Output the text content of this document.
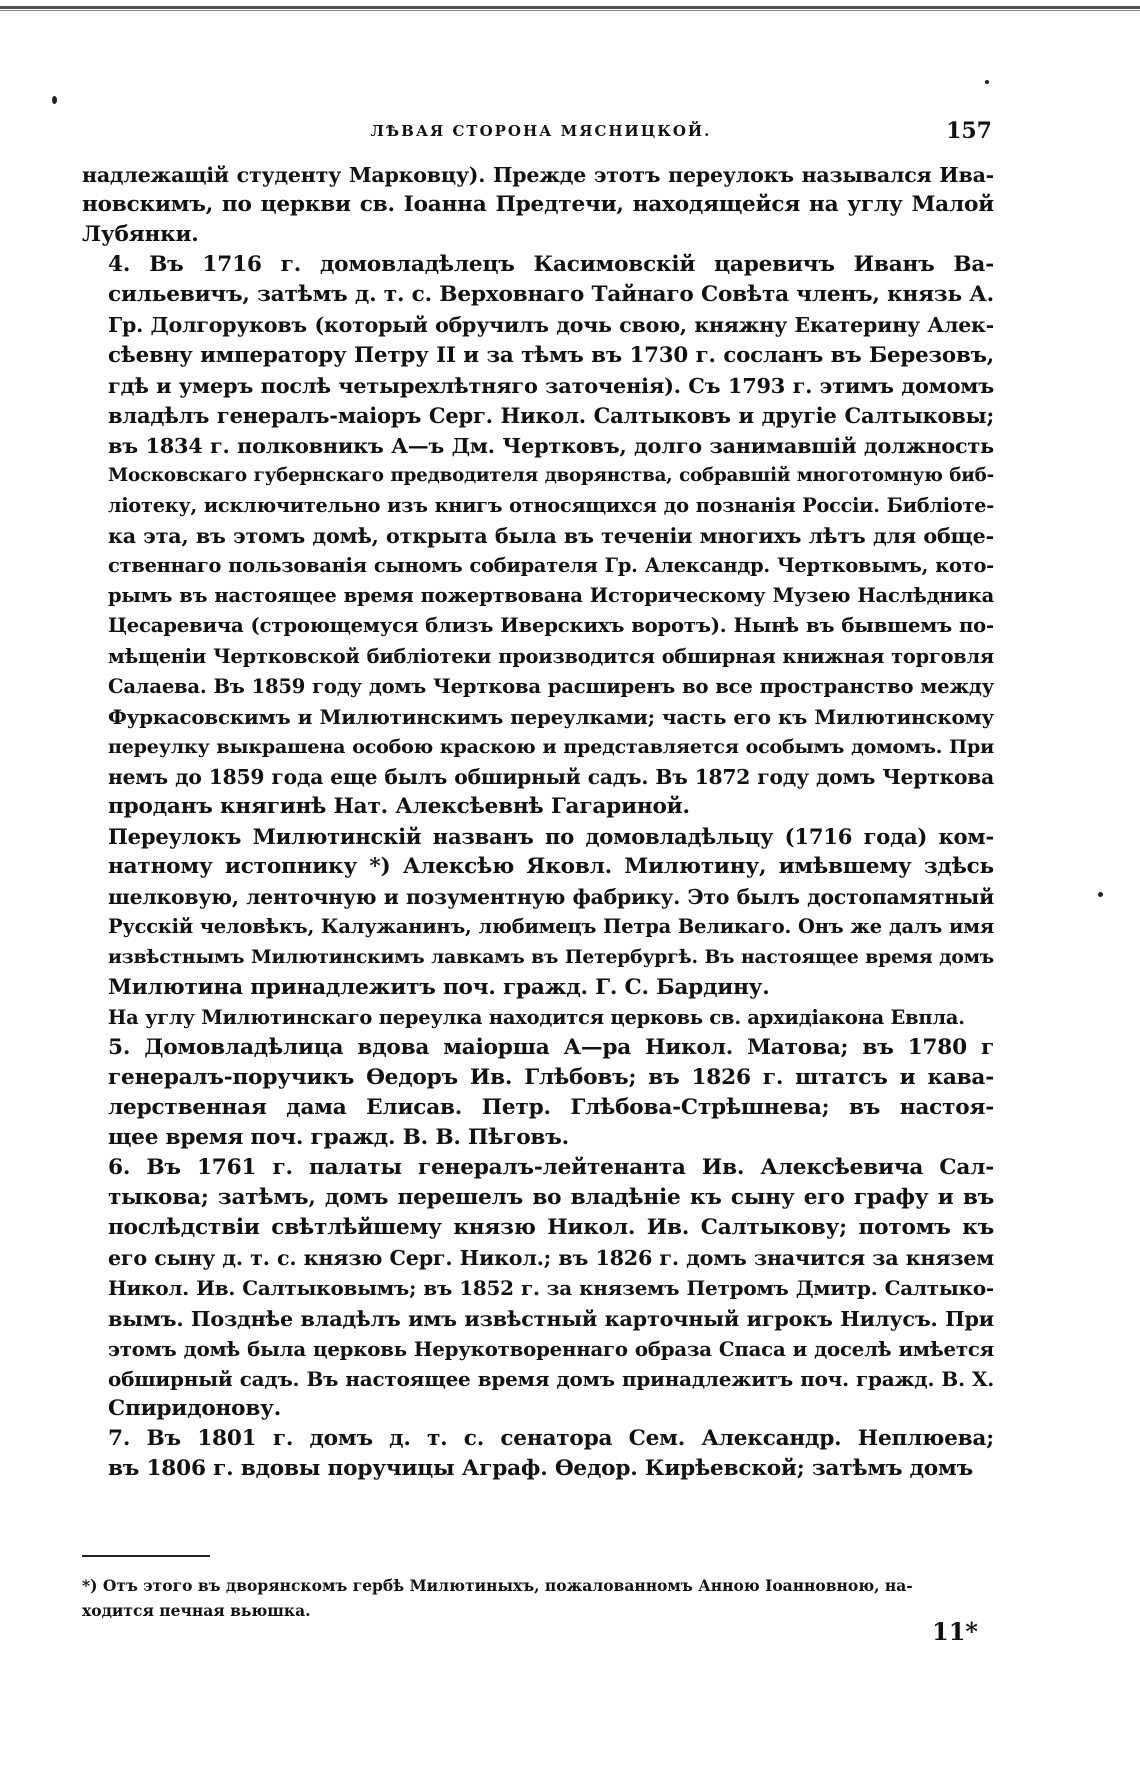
ЛѢВАЯ СТОРОНА МЯСНИЦКОЙ.	157

надлежащій студенту Марковцу). Прежде этотъ переулокъ назывался Ива-
новскимъ, по церкви св. Іоанна Предтечи, находящейся на углу Малой
Лубянки.

4. Въ 1716 г. домовладѣлецъ Касимовскій царевичъ Иванъ Ва-
сильевичъ, затѣмъ д. т. с. Верховнаго Тайнаго Совѣта членъ, князь А.
Гр. Долгоруковъ (который обручилъ дочь свою, княжну Екатерину Алек-
сѣевну императору Петру II и за тѣмъ въ 1730 г. сосланъ въ Березовъ,
гдѣ и умеръ послѣ четырехлѣтняго заточенія). Съ 1793 г. этимъ домомъ
владѣлъ генералъ-маіоръ Серг. Никол. Салтыковъ и другіе Салтыковы;
въ 1834 г. полковникъ А—ъ Дм. Чертковъ, долго занимавшій должность
Московскаго губернскаго предводителя дворянства, собравшій многотомную биб-
ліотеку, исключительно изъ книгъ относящихся до познанія Россіи. Библіоте-
ка эта, въ этомъ домѣ, открыта была въ теченіи многихъ лѣтъ для обще-
ственнаго пользованія сыномъ собирателя Гр. Александр. Чертковымъ, кото-
рымъ въ настоящее время пожертвована Историческому Музею Наслѣдника
Цесаревича (строющемуся близъ Иверскихъ воротъ). Нынѣ въ бывшемъ по-
мѣщеніи Чертковской библіотеки производится обширная книжная торговля
Салаева. Въ 1859 году домъ Черткова расширенъ во все пространство между
Фуркасовскимъ и Милютинскимъ переулками; часть его къ Милютинскому
переулку выкрашена особою краскою и представляется особымъ домомъ. При
немъ до 1859 года еще былъ обширный садъ. Въ 1872 году домъ Черткова
проданъ княгинѣ Нат. Алексѣевнѣ Гагариной.

Переулокъ Милютинскій названъ по домовладѣльцу (1716 года) ком-
натному истопнику *) Алексѣю Яковл. Милютину, имѣвшему здѣсь
шелковую, ленточную и позументную фабрику. Это былъ достопамятный
Русскій человѣкъ, Калужанинъ, любимецъ Петра Великаго. Онъ же далъ имя
извѣстнымъ Милютинскимъ лавкамъ въ Петербургѣ. Въ настоящее время домъ
Милютина принадлежитъ поч. гражд. Г. С. Бардину.

На углу Милютинскаго переулка находится церковь св. архидіакона Евпла.

5. Домовладѣлица вдова маіорша А—ра Никол. Матова; въ 1780 г
генералъ-поручикъ Ѳедоръ Ив. Глѣбовъ; въ 1826 г. штатсъ и кава-
лерственная дама Елисав. Петр. Глѣбова-Стрѣшнева; въ настоя-
щее время поч. гражд. В. В. Пѣговъ.

6. Въ 1761 г. палаты генералъ-лейтенанта Ив. Алексѣевича Сал-
тыкова; затѣмъ, домъ перешелъ во владѣніе къ сыну его графу и въ
послѣдствіи свѣтлѣйшему князю Никол. Ив. Салтыкову; потомъ къ
его сыну д. т. с. князю Серг. Никол.; въ 1826 г. домъ значится за князем
Никол. Ив. Салтыковымъ; въ 1852 г. за княземъ Петромъ Дмитр. Салтыко-
вымъ. Позднѣе владѣлъ имъ извѣстный карточный игрокъ Нилусъ. При
этомъ домѣ была церковь Нерукотвореннаго образа Спаса и доселѣ имѣется
обширный садъ. Въ настоящее время домъ принадлежитъ поч. гражд. В. Х.
Спиридонову.

7. Въ 1801 г. домъ д. т. с. сенатора Сем. Александр. Неплюева;
въ 1806 г. вдовы поручицы Аграф. Ѳедор. Кирѣевской; затѣмъ домъ

*) Отъ этого въ дворянскомъ гербѣ Милютиныхъ, пожалованномъ Анною Іоанновною, на-
ходится печная вьюшка.
11*
